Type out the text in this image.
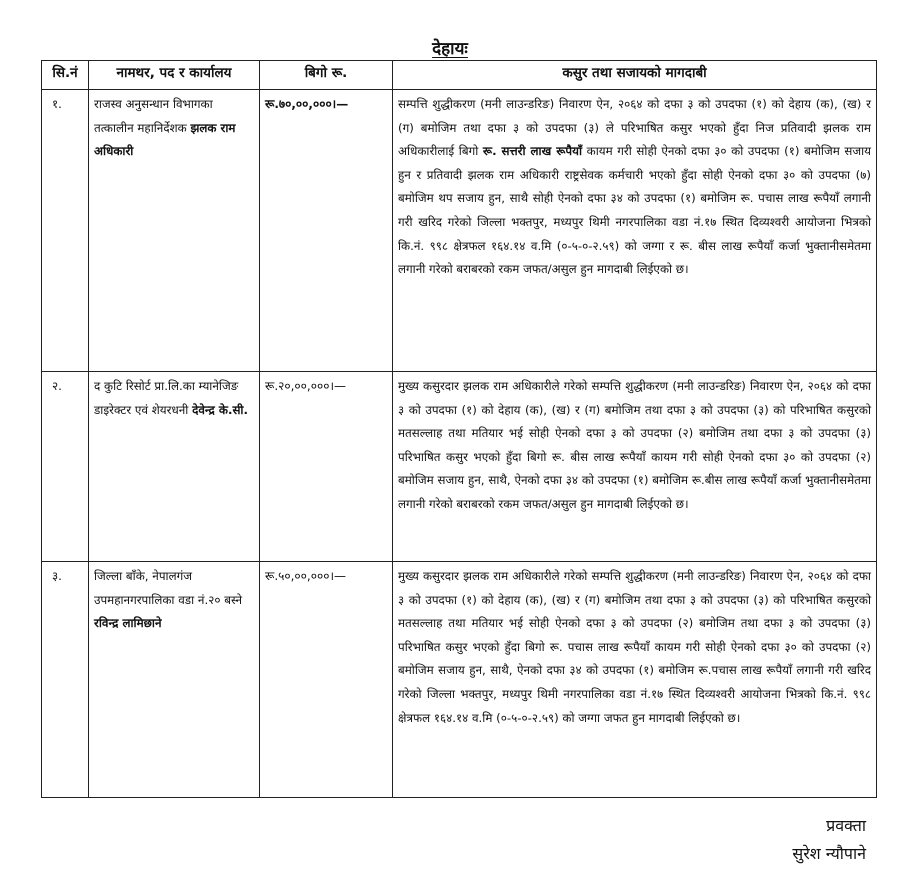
देहायः
सि.नं	नामथर, पद र कार्यालय	बिगो रू.	कसुर तथा सजायको मागदाबी
१.	राजस्व अनुसन्धान विभागका तत्कालीन महानिर्देशक झलक राम अधिकारी	रू.७०,००,०००।—	सम्पत्ति शुद्धीकरण (मनी लाउन्डरिङ) निवारण ऐन, २०६४ को दफा ३ को उपदफा (१) को देहाय (क), (ख) र (ग) बमोजिम तथा दफा ३ को उपदफा (३) ले परिभाषित कसुर भएको हुँदा निज प्रतिवादी झलक राम अधिकारीलाई बिगो रू. सत्तरी लाख रूपैयाँ कायम गरी सोही ऐनको दफा ३० को उपदफा (१) बमोजिम सजाय हुन र प्रतिवादी झलक राम अधिकारी राष्ट्रसेवक कर्मचारी भएको हुँदा सोही ऐनको दफा ३० को उपदफा (७) बमोजिम थप सजाय हुन, साथै सोही ऐनको दफा ३४ को उपदफा (१) बमोजिम रू. पचास लाख रूपैयाँ लगानी गरी खरिद गरेको जिल्ला भक्तपुर, मध्यपुर थिमी नगरपालिका वडा नं.१७ स्थित दिव्यश्वरी आयोजना भित्रको कि.नं. ९९८ क्षेत्रफल १६४.१४ व.मि (०-५-०-२.५९) को जग्गा र रू. बीस लाख रूपैयाँ कर्जा भुक्तानीसमेतमा लगानी गरेको बराबरको रकम जफत/असुल हुन मागदाबी लिईएको छ।
२.	द कुटि रिसोर्ट प्रा.लि.का म्यानेजिङ डाइरेक्टर एवं शेयरधनी देवेन्द्र के.सी.	रू.२०,००,०००।—	मुख्य कसुरदार झलक राम अधिकारीले गरेको सम्पत्ति शुद्धीकरण (मनी लाउन्डरिङ) निवारण ऐन, २०६४ को दफा ३ को उपदफा (१) को देहाय (क), (ख) र (ग) बमोजिम तथा दफा ३ को उपदफा (३) को परिभाषित कसुरको मतसल्लाह तथा मतियार भई सोही ऐनको दफा ३ को उपदफा (२) बमोजिम तथा दफा ३ को उपदफा (३) परिभाषित कसुर भएको हुँदा बिगो रू. बीस लाख रूपैयाँ कायम गरी सोही ऐनको दफा ३० को उपदफा (२) बमोजिम सजाय हुन, साथै, ऐनको दफा ३४ को उपदफा (१) बमोजिम रू.बीस लाख रूपैयाँ कर्जा भुक्तानीसमेतमा लगानी गरेको बराबरको रकम जफत/असुल हुन मागदाबी लिईएको छ।
३.	जिल्ला बाँके, नेपालगंज उपमहानगरपालिका वडा नं.२० बस्ने रविन्द्र लामिछाने	रू.५०,००,०००।—	मुख्य कसुरदार झलक राम अधिकारीले गरेको सम्पत्ति शुद्धीकरण (मनी लाउन्डरिङ) निवारण ऐन, २०६४ को दफा ३ को उपदफा (१) को देहाय (क), (ख) र (ग) बमोजिम तथा दफा ३ को उपदफा (३) को परिभाषित कसुरको मतसल्लाह तथा मतियार भई सोही ऐनको दफा ३ को उपदफा (२) बमोजिम तथा दफा ३ को उपदफा (३) परिभाषित कसुर भएको हुँदा बिगो रू. पचास लाख रूपैयाँ कायम गरी सोही ऐनको दफा ३० को उपदफा (२) बमोजिम सजाय हुन, साथै, ऐनको दफा ३४ को उपदफा (१) बमोजिम रू.पचास लाख रूपैयाँ लगानी गरी खरिद गरेको जिल्ला भक्तपुर, मध्यपुर थिमी नगरपालिका वडा नं.१७ स्थित दिव्यश्वरी आयोजना भित्रको कि.नं. ९९८ क्षेत्रफल १६४.१४ व.मि (०-५-०-२.५९) को जग्गा जफत हुन मागदाबी लिईएको छ।
प्रवक्ता
सुरेश न्यौपाने
